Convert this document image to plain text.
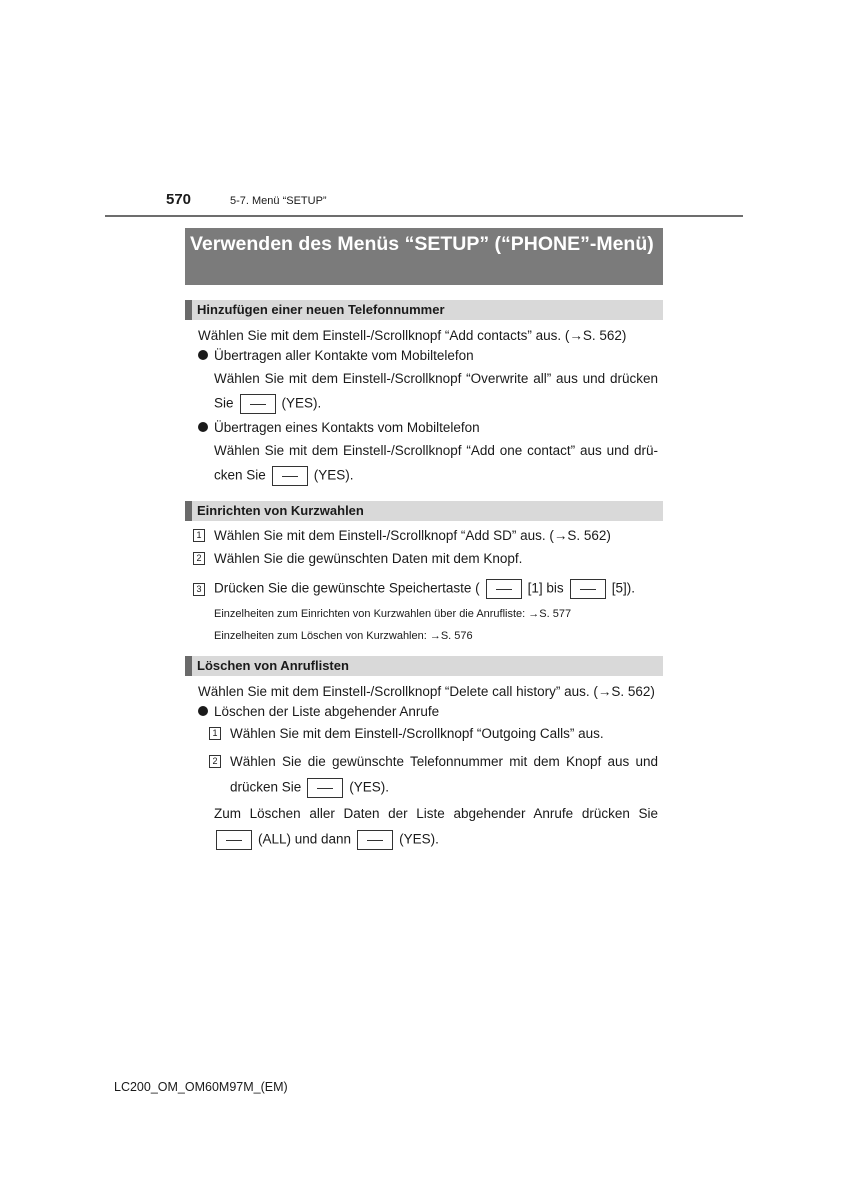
570	5-7. Menü “SETUP”
Verwenden des Menüs “SETUP” (“PHONE”-Menü)
Hinzufügen einer neuen Telefonnummer
Wählen Sie mit dem Einstell-/Scrollknopf “Add contacts” aus. (→S. 562)
Übertragen aller Kontakte vom Mobiltelefon
Wählen Sie mit dem Einstell-/Scrollknopf “Overwrite all” aus und drücken
Sie	(YES).
Übertragen eines Kontakts vom Mobiltelefon
Wählen Sie mit dem Einstell-/Scrollknopf “Add one contact” aus und drü-
cken Sie	(YES).
Einrichten von Kurzwahlen
1 Wählen Sie mit dem Einstell-/Scrollknopf “Add SD” aus. (→S. 562)
2 Wählen Sie die gewünschten Daten mit dem Knopf.
3 Drücken Sie die gewünschte Speichertaste (	[1] bis	[5]).
Einzelheiten zum Einrichten von Kurzwahlen über die Anrufliste: →S. 577
Einzelheiten zum Löschen von Kurzwahlen: →S. 576
Löschen von Anruflisten
Wählen Sie mit dem Einstell-/Scrollknopf “Delete call history” aus. (→S. 562)
Löschen der Liste abgehender Anrufe
1 Wählen Sie mit dem Einstell-/Scrollknopf “Outgoing Calls” aus.
2 Wählen Sie die gewünschte Telefonnummer mit dem Knopf aus und
drücken Sie	(YES).
Zum Löschen aller Daten der Liste abgehender Anrufe drücken Sie
(ALL) und dann	(YES).
LC200_OM_OM60M97M_(EM)
